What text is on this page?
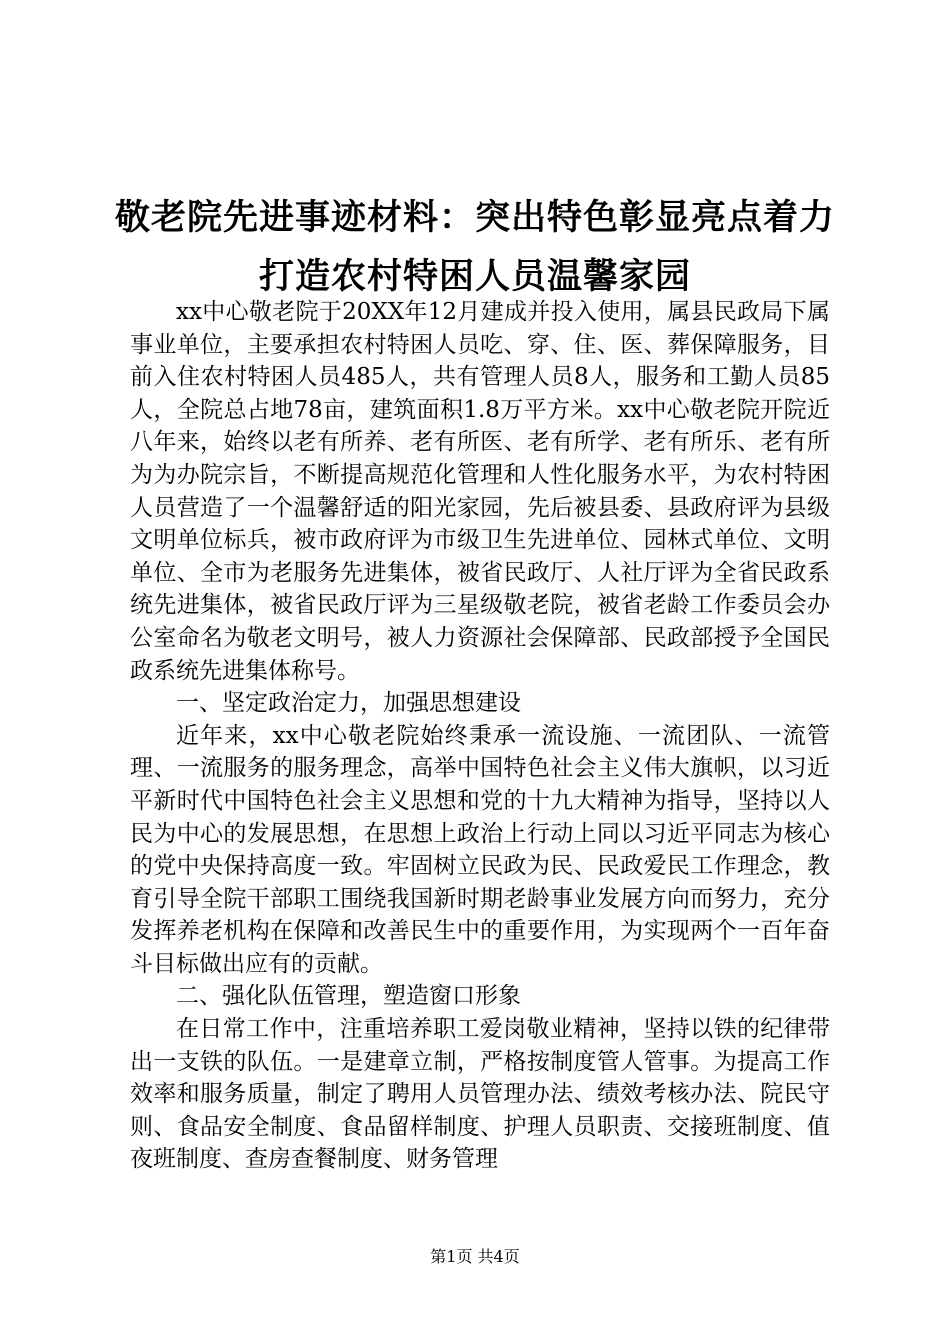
敬老院先进事迹材料：突出特色彰显亮点着力
打造农村特困人员温馨家园

xx中心敬老院于20XX年12月建成并投入使用，属县民政局下属事业单位，主要承担农村特困人员吃、穿、住、医、葬保障服务，目前入住农村特困人员485人，共有管理人员8人，服务和工勤人员85人，全院总占地78亩，建筑面积1.8万平方米。xx中心敬老院开院近八年来，始终以老有所养、老有所医、老有所学、老有所乐、老有所为为办院宗旨，不断提高规范化管理和人性化服务水平，为农村特困人员营造了一个温馨舒适的阳光家园，先后被县委、县政府评为县级文明单位标兵，被市政府评为市级卫生先进单位、园林式单位、文明单位、全市为老服务先进集体，被省民政厅、人社厅评为全省民政系统先进集体，被省民政厅评为三星级敬老院，被省老龄工作委员会办公室命名为敬老文明号，被人力资源社会保障部、民政部授予全国民政系统先进集体称号。

一、坚定政治定力，加强思想建设

近年来，xx中心敬老院始终秉承一流设施、一流团队、一流管理、一流服务的服务理念，高举中国特色社会主义伟大旗帜，以习近平新时代中国特色社会主义思想和党的十九大精神为指导，坚持以人民为中心的发展思想，在思想上政治上行动上同以习近平同志为核心的党中央保持高度一致。牢固树立民政为民、民政爱民工作理念，教育引导全院干部职工围绕我国新时期老龄事业发展方向而努力，充分发挥养老机构在保障和改善民生中的重要作用，为实现两个一百年奋斗目标做出应有的贡献。

二、强化队伍管理，塑造窗口形象

在日常工作中，注重培养职工爱岗敬业精神，坚持以铁的纪律带出一支铁的队伍。一是建章立制，严格按制度管人管事。为提高工作效率和服务质量，制定了聘用人员管理办法、绩效考核办法、院民守则、食品安全制度、食品留样制度、护理人员职责、交接班制度、值夜班制度、查房查餐制度、财务管理

第1页 共4页
